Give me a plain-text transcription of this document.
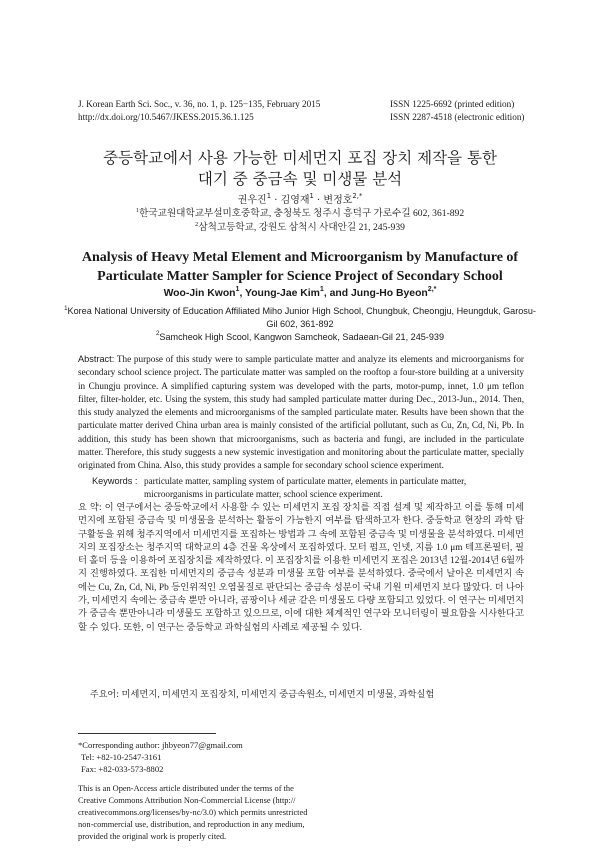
J. Korean Earth Sci. Soc., v. 36, no. 1, p. 125−135, February 2015
http://dx.doi.org/10.5467/JKESS.2015.36.1.125
ISSN 1225-6692 (printed edition)
ISSN 2287-4518 (electronic edition)
중등학교에서 사용 가능한 미세먼지 포집 장치 제작을 통한
대기 중 중금속 및 미생물 분석
권우진$^1$ · 김영재$^1$ · 변정호$^{2,*}$
$^1$한국교원대학교부설미호중학교, 충청북도 청주시 흥덕구 가로수길 602, 361-892
$^2$삼척고등학교, 강원도 삼척시 사대안길 21, 245-939
Analysis of Heavy Metal Element and Microorganism by Manufacture of
Particulate Matter Sampler for Science Project of Secondary School
Woo-Jin Kwon$^1$, Young-Jae Kim$^1$, and Jung-Ho Byeon$^{2,*}$
$^1$Korea National University of Education Affiliated Miho Junior High School, Chungbuk, Cheongju, Heungduk, Garosu-Gil 602, 361-892
$^2$Samcheok High Scool, Kangwon Samcheok, Sadaean-Gil 21, 245-939
Abstract: The purpose of this study were to sample particulate matter and analyze its elements and microorganisms for secondary school science project. The particulate matter was sampled on the rooftop a four-store building at a university in Chungju province. A simplified capturing system was developed with the parts, motor-pump, innet, 1.0 μm teflon filter, filter-holder, etc. Using the system, this study had sampled particulate matter during Dec., 2013-Jun., 2014. Then, this study analyzed the elements and microorganisms of the sampled particulate mater. Results have been shown that the particulate matter derived China urban area is mainly consisted of the artificial pollutant, such as Cu, Zn, Cd, Ni, Pb. In addition, this study has been shown that microorganisms, such as bacteria and fungi, are included in the particulate matter. Therefore, this study suggests a new systemic investigation and monitoring about the particulate matter, specially originated from China. Also, this study provides a sample for secondary school science experiment.
Keywords : particulate matter, sampling system of particulate matter, elements in particulate matter, microorganisms in particulate matter, school science experiment.
요 약: 이 연구에서는 중등학교에서 사용할 수 있는 미세먼지 포집 장치를 직접 설계 및 제작하고 이를 통해 미세먼지에 포함된 중금속 및 미생물을 분석하는 활동이 가능한지 여부를 탐색하고자 한다. 중등학교 현장의 과학 탐구활동을 위해 청주지역에서 미세먼지를 포집하는 방법과 그 속에 포함된 중금속 및 미생물을 분석하였다. 미세먼지의 포집장소는 청주지역 대학교의 4층 건물 옥상에서 포집하였다. 모터 펌프, 인넷, 지름 1.0 μm 테프론필터, 필터 홀더 등을 이용하여 포집장치를 제작하였다. 이 포집장치를 이용한 미세먼지 포집은 2013년 12월-2014년 6월까지 진행하였다. 포집한 미세먼지의 중금속 성분과 미생물 포함 여부를 분석하였다. 중국에서 날아온 미세먼지 속에는 Cu, Zn, Cd, Ni, Pb 등인위적인 오염물질로 판단되는 중금속 성분이 국내 기원 미세먼지 보다 많았다. 더 나아가, 미세먼지 속에는 중금속 뿐만 아니라, 곰팡이나 세균 같은 미생물도 다량 포함되고 있었다. 이 연구는 미세먼지가 중금속 뿐만아니라 미생물도 포함하고 있으므로, 이에 대한 체계적인 연구와 모니터링이 필요함을 시사한다고 할 수 있다. 또한, 이 연구는 중등학교 과학실험의 사례로 제공될 수 있다.
주요어: 미세먼지, 미세먼지 포집장치, 미세먼지 중금속원소, 미세먼지 미생물, 과학실험
*Corresponding author: jhbyeon77@gmail.com
Tel: +82-10-2547-3161
Fax: +82-033-573-8802
This is an Open-Access article distributed under the terms of the
Creative Commons Attribution Non-Commercial License (http://
creativecommons.org/licenses/by-nc/3.0) which permits unrestricted
non-commercial use, distribution, and reproduction in any medium,
provided the original work is properly cited.
